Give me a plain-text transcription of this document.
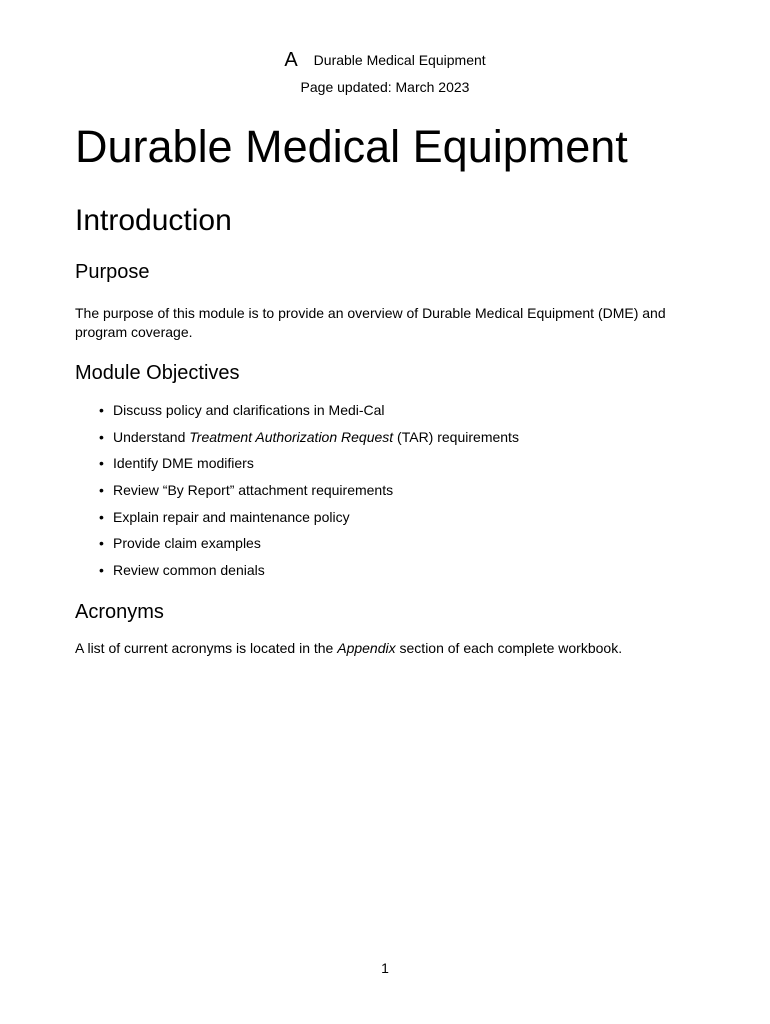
A Durable Medical Equipment
Page updated: March 2023
Durable Medical Equipment
Introduction
Purpose

The purpose of this module is to provide an overview of Durable Medical Equipment (DME) and program coverage.

Module Objectives
• Discuss policy and clarifications in Medi-Cal
• Understand Treatment Authorization Request (TAR) requirements
• Identify DME modifiers
• Review “By Report” attachment requirements
• Explain repair and maintenance policy
• Provide claim examples
• Review common denials
Acronyms

A list of current acronyms is located in the Appendix section of each complete workbook.

1
